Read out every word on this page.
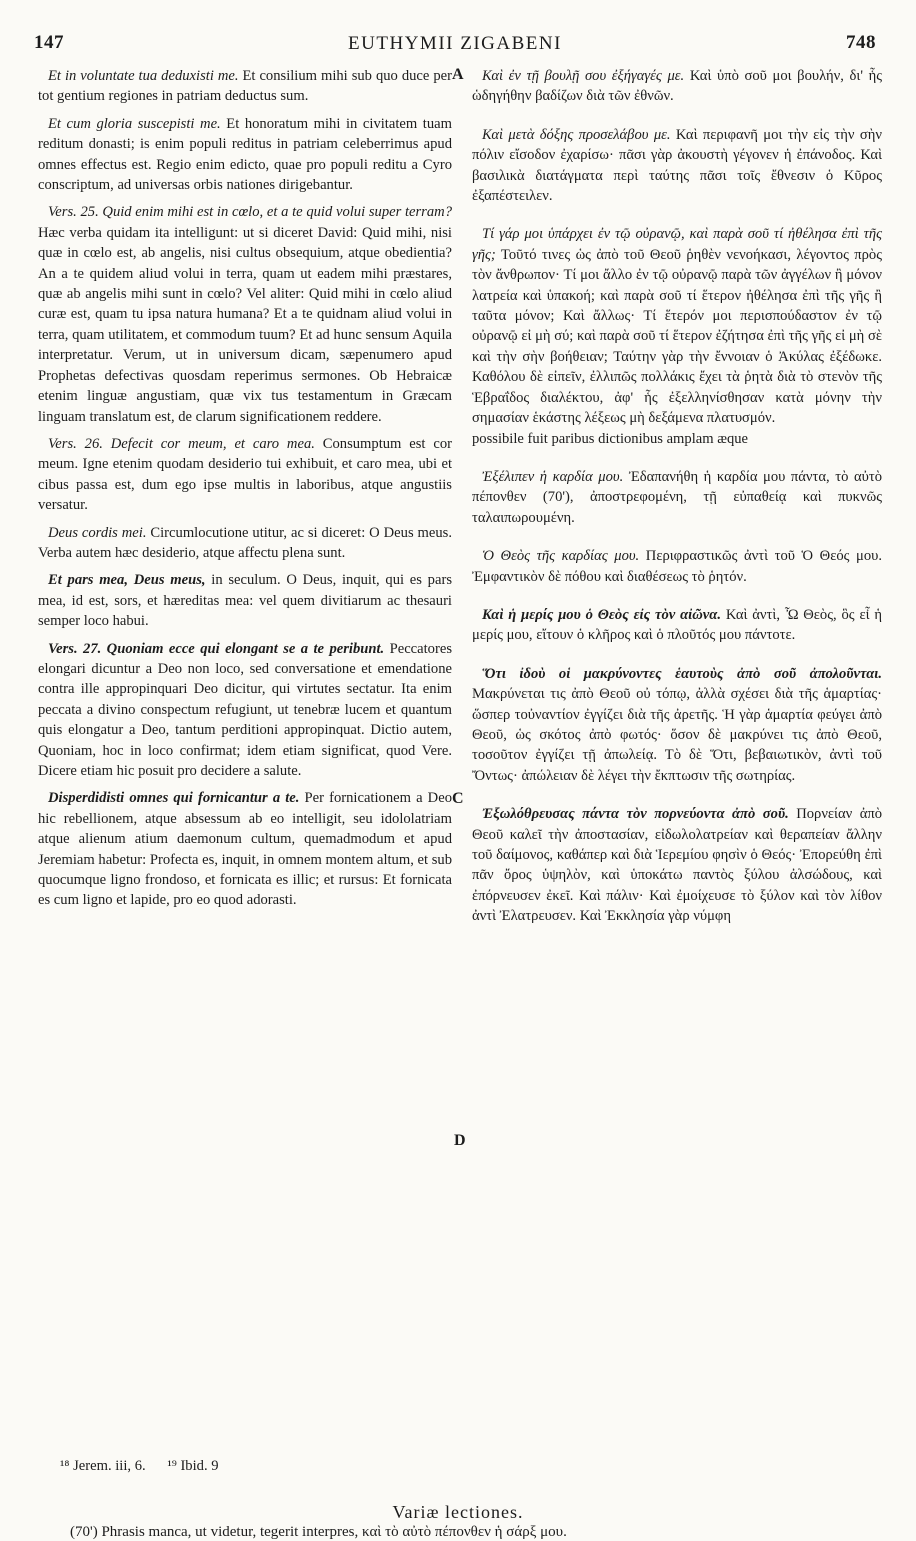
147	EUTHYMII ZIGABENI	748
A
C
D

Et in voluntate tua deduxisti me. Et consilium mihi sub quo duce per tot gentium regiones in patriam deductus sum.

Et cum gloria suscepisti me. Et honoratum mihi in civitatem tuam reditum donasti; is enim populi reditus in patriam celeberrimus apud omnes effectus est. Regio enim edicto, quae pro populi reditu a Cyro conscriptum, ad universas orbis nationes dirigebantur.

Vers. 25. Quid enim mihi est in cœlo, et a te quid volui super terram? Hæc verba quidam ita intelligunt: ut si diceret David: Quid mihi, nisi quæ in cœlo est, ab angelis, nisi cultus obsequium, atque obedientia? An a te quidem aliud volui in terra, quam ut eadem mihi præstares, quæ ab angelis mihi sunt in cœlo? Vel aliter: Quid mihi in cœlo aliud curæ est, quam tu ipsa natura humana? Et a te quidnam aliud volui in terra, quam utilitatem, et commodum tuum? Et ad hunc sensum Aquila interpretatur. Verum, ut in universum dicam, sæpenumero apud Prophetas defectivas quosdam reperimus sermones. Ob Hebraicæ etenim linguæ angustiam, quæ vix tus testamentum in Græcam linguam translatum est, de clarum significationem reddere.

Vers. 26. Defecit cor meum, et caro mea. Consumptum est cor meum. Igne etenim quodam desiderio tui exhibuit, et caro mea, ubi et cibus passa est, dum ego ipse multis in laboribus, atque angustiis versatur.

Deus cordis mei. Circumlocutione utitur, ac si diceret: O Deus meus. Verba autem hæc desiderio, atque affectu plena sunt.

Et pars mea, Deus meus, in seculum. O Deus, inquit, qui es pars mea, id est, sors, et hæreditas mea: vel quem divitiarum ac thesauri semper loco habui.

Vers. 27. Quoniam ecce qui elongant se a te peribunt. Peccatores elongari dicuntur a Deo non loco, sed conversatione et emendatione contra ille appropinquari Deo dicitur, qui virtutes sectatur. Ita enim peccata a divino conspectum refugiunt, ut tenebræ lucem et quantum quis elongatur a Deo, tantum perditioni appropinquat. Dictio autem, Quoniam, hoc in loco confirmat; idem etiam significat, quod Vere. Dicere etiam hic posuit pro decidere a salute.

Disperdidisti omnes qui fornicantur a te. Per fornicationem a Deo hic rebellionem, atque absessum ab eo intelligit, seu idololatriam atque alienum atium daemonum cultum, quemadmodum et apud Jeremiam habetur: Profecta es, inquit, in omnem montem altum, et sub quocumque ligno frondoso, et fornicata es illic; et rursus: Et fornicata es cum ligno et lapide, pro eo quod adorasti.

Καὶ ἐν τῇ βουλῇ σου ἐξήγαγές με. Καὶ ὑπὸ σοῦ μοι βουλήν, δι' ἧς ὡδηγήθην βαδίζων διὰ τῶν ἐθνῶν.

Καὶ μετὰ δόξης προσελάβου με. Καὶ περιφανῆ μοι τὴν εἰς τὴν σὴν πόλιν εἴσοδον ἐχαρίσω· πᾶσι γὰρ ἀκουστὴ γέγονεν ἡ ἐπάνοδος. Καὶ βασιλικὰ διατάγματα περὶ ταύτης πᾶσι τοῖς ἔθνεσιν ὁ Κῦρος ἐξαπέστειλεν.

Τί γάρ μοι ὑπάρχει ἐν τῷ οὐρανῷ, καὶ παρὰ σοῦ τί ἠθέλησα ἐπὶ τῆς γῆς; Τοῦτό τινες ὡς ἀπὸ τοῦ Θεοῦ ῥηθὲν νενοήκασι, λέγοντος πρὸς τὸν ἄνθρωπον· Τί μοι ἄλλο ἐν τῷ οὐρανῷ παρὰ τῶν ἀγγέλων ἢ μόνον λατρεία καὶ ὑπακοή; καὶ παρὰ σοῦ τί ἕτερον ἠθέλησα ἐπὶ τῆς γῆς ἢ ταῦτα μόνον; Καὶ ἄλλως· Τί ἕτερόν μοι περισπούδαστον ἐν τῷ οὐρανῷ εἰ μὴ σύ; καὶ παρὰ σοῦ τί ἕτερον ἐζήτησα ἐπὶ τῆς γῆς εἰ μὴ σὲ καὶ τὴν σὴν βοήθειαν; Ταύτην γὰρ τὴν ἔννοιαν ὁ Ἀκύλας ἐξέδωκε. Καθόλου δὲ εἰπεῖν, ἐλλιπῶς πολλάκις ἔχει τὰ ῥητὰ διὰ τὸ στενὸν τῆς Ἑβραΐδος διαλέκτου, ἀφ' ἧς ἐξελληνίσθησαν κατὰ μόνην τὴν σημασίαν ἑκάστης λέξεως μὴ δεξάμενα πλατυσμόν.

possibile fuit paribus dictionibus amplam æque

Ἐξέλιπεν ἡ καρδία μου. Ἐδαπανήθη ἡ καρδία μου πάντα, τὸ αὐτὸ πέπονθεν (70'), ἀποστρεφομένη, τῇ εὐπαθείᾳ καὶ πυκνῶς ταλαιπωρουμένη.

Ὁ Θεὸς τῆς καρδίας μου. Περιφραστικῶς ἀντὶ τοῦ Ὁ Θεός μου. Ἐμφαντικὸν δὲ πόθου καὶ διαθέσεως τὸ ῥητόν.

Καὶ ἡ μερίς μου ὁ Θεὸς εἰς τὸν αἰῶνα. Καὶ ἀντὶ, Ὦ Θεὸς, ὃς εἶ ἡ μερίς μου, εἴτουν ὁ κλῆρος καὶ ὁ πλοῦτός μου πάντοτε.

Ὅτι ἰδοὺ οἱ μακρύνοντες ἑαυτοὺς ἀπὸ σοῦ ἀπολοῦνται. Μακρύνεται τις ἀπὸ Θεοῦ οὐ τόπῳ, ἀλλὰ σχέσει διὰ τῆς ἁμαρτίας· ὥσπερ τοὐναντίον ἐγγίζει διὰ τῆς ἀρετῆς. Ἡ γὰρ ἁμαρτία φεύγει ἀπὸ Θεοῦ, ὡς σκότος ἀπὸ φωτός· ὅσον δὲ μακρύνει τις ἀπὸ Θεοῦ, τοσοῦτον ἐγγίζει τῇ ἀπωλείᾳ. Τὸ δὲ Ὅτι, βεβαιωτικὸν, ἀντὶ τοῦ Ὄντως· ἀπώλειαν δὲ λέγει τὴν ἔκπτωσιν τῆς σωτηρίας.

Ἐξωλόθρευσας πάντα τὸν πορνεύοντα ἀπὸ σοῦ. Πορνείαν ἀπὸ Θεοῦ καλεῖ τὴν ἀποστασίαν, εἰδωλολατρείαν καὶ θεραπείαν ἄλλην τοῦ δαίμονος, καθάπερ καὶ διὰ Ἱερεμίου φησὶν ὁ Θεός· Ἐπορεύθη ἐπὶ πᾶν ὄρος ὑψηλὸν, καὶ ὑποκάτω παντὸς ξύλου ἀλσώδους, καὶ ἐπόρνευσεν ἐκεῖ. Καὶ πάλιν· Καὶ ἐμοίχευσε τὸ ξύλον καὶ τὸν λίθον ἀντὶ Ἐλατρευσεν. Καὶ Ἐκκλησία γὰρ νύμφη

¹⁸ Jerem. iii, 6. ¹⁹ Ibid. 9
Variæ lectiones.
(70') Phrasis manca, ut videtur, tegerit interpres, καὶ τὸ αὐτὸ πέπονθεν ἡ σάρξ μου.
